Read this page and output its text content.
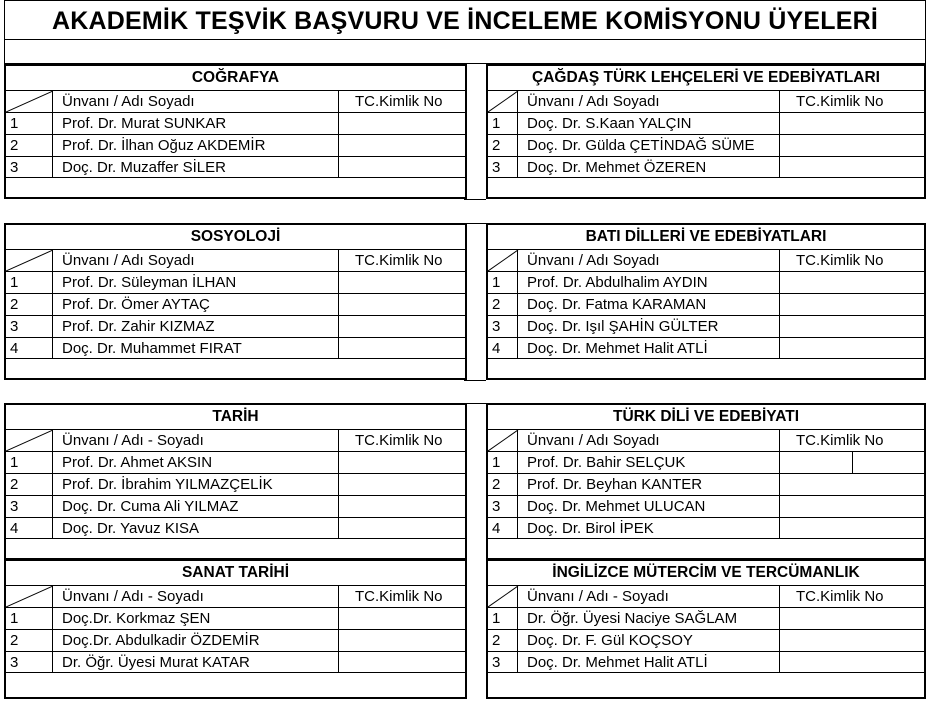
AKADEMİK TEŞVİK BAŞVURU VE İNCELEME KOMİSYONU ÜYELERİ
COĞRAFYA
Ünvanı / Adı Soyadı	TC.Kimlik No
1	Prof. Dr. Murat SUNKAR
2	Prof. Dr. İlhan Oğuz AKDEMİR
3	Doç. Dr. Muzaffer SİLER
ÇAĞDAŞ TÜRK LEHÇELERİ VE EDEBİYATLARI
Ünvanı / Adı Soyadı	TC.Kimlik No
1	Doç. Dr. S.Kaan YALÇIN
2	Doç. Dr. Gülda ÇETİNDAĞ SÜME
3	Doç. Dr. Mehmet ÖZEREN
SOSYOLOJİ
Ünvanı / Adı Soyadı	TC.Kimlik No
1	Prof. Dr. Süleyman İLHAN
2	Prof. Dr. Ömer AYTAÇ
3	Prof. Dr. Zahir KIZMAZ
4	Doç. Dr. Muhammet FIRAT
BATI DİLLERİ VE EDEBİYATLARI
Ünvanı / Adı Soyadı	TC.Kimlik No
1	Prof. Dr. Abdulhalim AYDIN
2	Doç. Dr. Fatma KARAMAN
3	Doç. Dr. Işıl ŞAHİN GÜLTER
4	Doç. Dr. Mehmet Halit ATLİ
TARİH
Ünvanı / Adı - Soyadı	TC.Kimlik No
1	Prof. Dr. Ahmet AKSIN
2	Prof. Dr. İbrahim YILMAZÇELİK
3	Doç. Dr. Cuma Ali YILMAZ
4	Doç. Dr. Yavuz KISA
TÜRK DİLİ VE EDEBİYATI
Ünvanı / Adı Soyadı	TC.Kimlik No
1	Prof. Dr. Bahir SELÇUK
2	Prof. Dr. Beyhan KANTER
3	Doç. Dr. Mehmet ULUCAN
4	Doç. Dr. Birol İPEK
SANAT TARİHİ
Ünvanı / Adı - Soyadı	TC.Kimlik No
1	Doç.Dr. Korkmaz ŞEN
2	Doç.Dr. Abdulkadir ÖZDEMİR
3	Dr. Öğr. Üyesi Murat KATAR
İNGİLİZCE MÜTERCİM VE TERCÜMANLIK
Ünvanı / Adı - Soyadı	TC.Kimlik No
1	Dr. Öğr. Üyesi Naciye SAĞLAM
2	Doç. Dr. F. Gül KOÇSOY
3	Doç. Dr. Mehmet Halit ATLİ
